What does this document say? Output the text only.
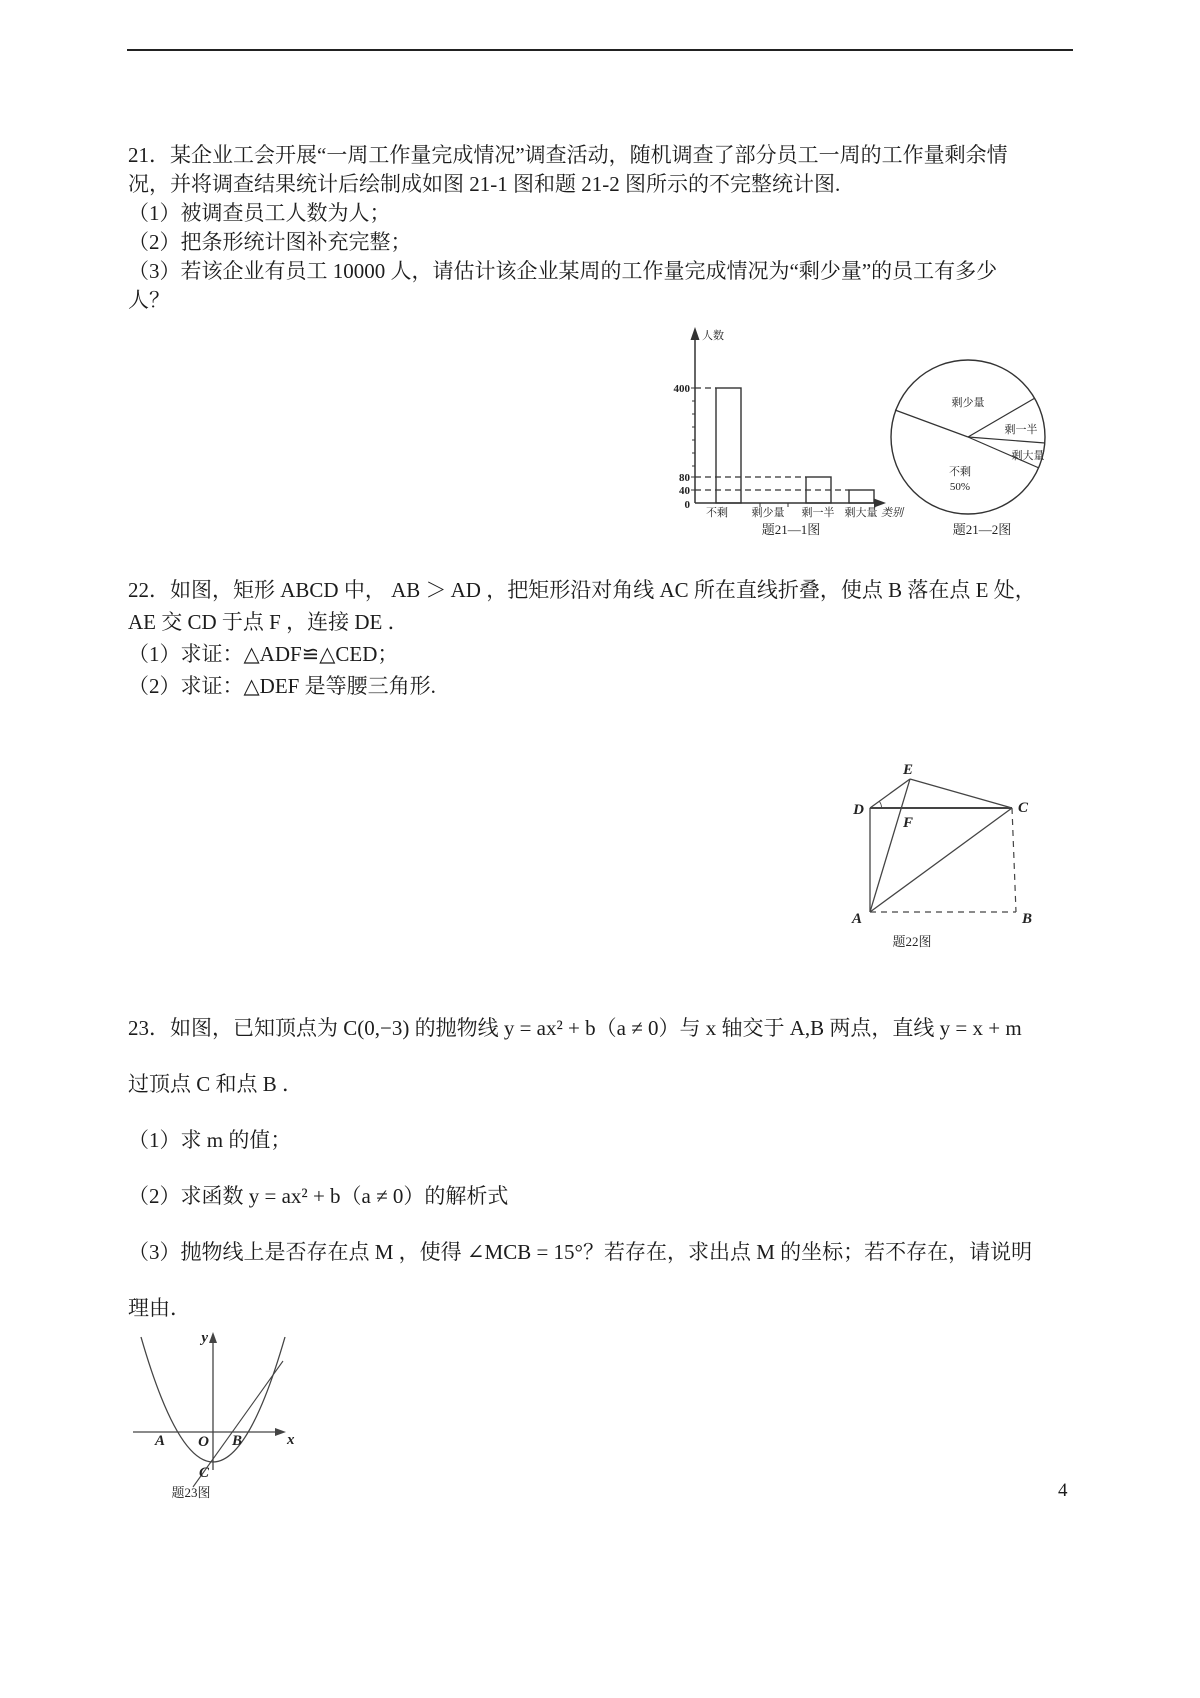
21．某企业工会开展“一周工作量完成情况”调查活动，随机调查了部分员工一周的工作量剩余情
况，并将调查结果统计后绘制成如图 21-1 图和题 21-2 图所示的不完整统计图.
（1）被调查员工人数为人；
（2）把条形统计图补充完整；
（3）若该企业有员工 10000 人，请估计该企业某周的工作量完成情况为“剩少量”的员工有多少
人？
人数
类别
400
80
40
0
不剩 剩少量 剩一半 剩大量
题21—1图
剩少量
剩一半
剩大量
不剩
50%
题21—2图
22．如图，矩形 ABCD 中， AB ＞ AD ，把矩形沿对角线 AC 所在直线折叠，使点 B 落在点 E 处，
AE 交 CD 于点 F ，连接 DE ．
（1）求证：△ADF≌△CED；
（2）求证：△DEF 是等腰三角形.
E
D	C
F
A	B
题22图
23．如图，已知顶点为 C(0,−3) 的抛物线 y = ax² + b（a ≠ 0）与 x 轴交于 A,B 两点，直线 y = x + m
过顶点 C 和点 B ．
（1）求 m 的值；
（2）求函数 y = ax² + b（a ≠ 0）的解析式
（3）抛物线上是否存在点 M ，使得 ∠MCB = 15°？若存在，求出点 M 的坐标；若不存在，请说明
理由．
y
x
O
A	B
C
题23图	4
